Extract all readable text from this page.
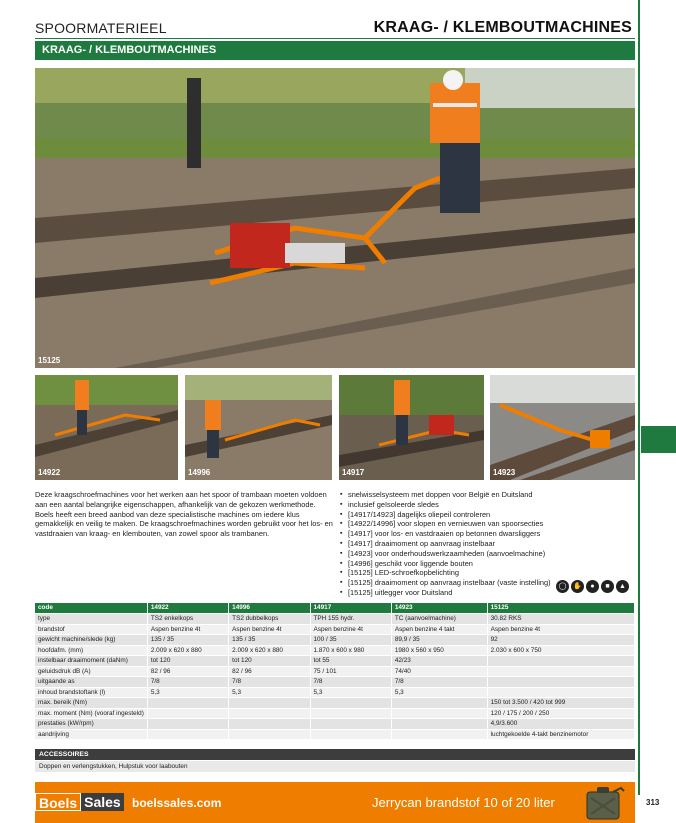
SPOORMATERIEEL	KRAAG- / KLEMBOUTMACHINES
KRAAG- / KLEMBOUTMACHINES
15125
14922	14996	14917	14923
Deze kraagschroefmachines voor het werken aan het spoor of trambaan moeten voldoen aan een aantal belangrijke eigenschappen, afhankelijk van de gekozen werkmethode. Boels heeft een breed aanbod van deze specialistische machines om iedere klus gemakkelijk en veilig te maken. De kraagschroefmachines worden gebruikt voor het los- en vastdraaien van kraag- en klembouten, van zowel spoor als trambanen.
▪ snelwisselsysteem met doppen voor België en Duitsland
▪ inclusief geïsoleerde sledes
▪ [14917/14923] dagelijks oliepeil controleren
▪ [14922/14996] voor slopen en vernieuwen van spoorsecties
▪ [14917] voor los- en vastdraaien op betonnen dwarsliggers
▪ [14917] draaimoment op aanvraag instelbaar
▪ [14923] voor onderhoudswerkzaamheden (aanvoelmachine)
▪ [14996] geschikt voor liggende bouten
▪ [15125] LED-schroefkopbelichting
▪ [15125] draaimoment op aanvraag instelbaar (vaste instelling)
▪ [15125] uitlegger voor Duitsland
◯ ✋	●	■	▲
code	14922	14996	14917	14923	15125
type	TS2 enkelkops	TS2 dubbelkops	TPH 155 hydr.	TC (aanvoelmachine)	30.82 RKS
brandstof	Aspen benzine 4t	Aspen benzine 4t	Aspen benzine 4t	Aspen benzine 4 takt	Aspen benzine 4t
gewicht machine/slede (kg)	135 / 35	135 / 35	100 / 35	89,9 / 35	92
hoofdafm. (mm)	2.009 x 620 x 880	2.009 x 620 x 880	1.870 x 600 x 980	1980 x 560 x 950	2.030 x 600 x 750
instelbaar draaimoment (daNm)	tot 120	tot 120	tot 55	42/23	
geluidsdruk dB (A)	82 / 96	82 / 96	75 / 101	74/40	
uitgaande as	7/8	7/8	7/8	7/8	
inhoud brandstoftank (l)	5,3	5,3	5,3	5,3	
max. bereik (Nm)					150 tot 3.500 / 420 tot 999
max. moment (Nm) (vooraf ingesteld)					120 / 175 / 200 / 250
prestaties (kW/rpm)					4,9/3.600
aandrijving					luchtgekoelde 4-takt benzinemotor
ACCESSOIRES
Doppen en verlengstukken, Hulpstuk voor laabouten
Boels Sales boelssales.com	Jerrycan brandstof 10 of 20 liter	313
